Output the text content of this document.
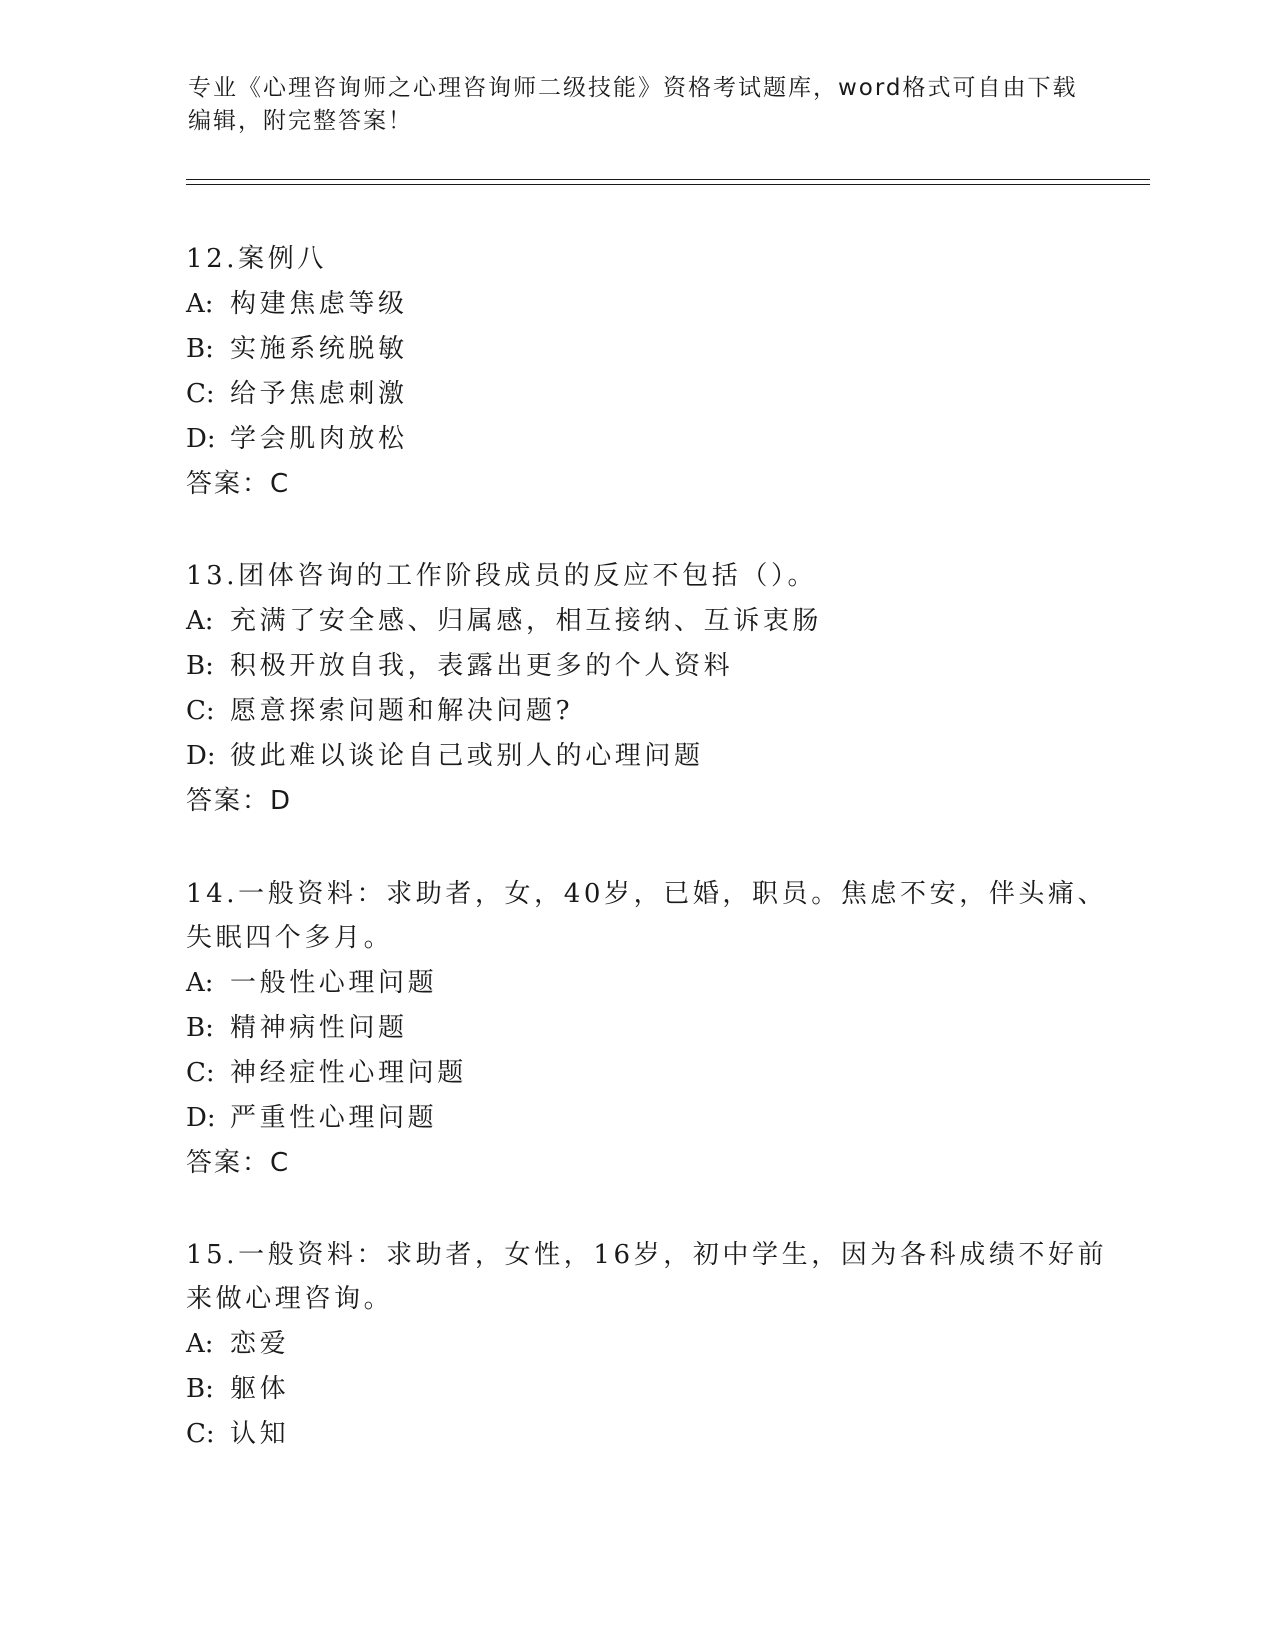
专业《心理咨询师之心理咨询师二级技能》资格考试题库，word格式可自由下载
编辑，附完整答案！
12.案例八
A: 构建焦虑等级
B: 实施系统脱敏
C: 给予焦虑刺激
D: 学会肌肉放松
答案：C
13.团体咨询的工作阶段成员的反应不包括（）。
A: 充满了安全感、归属感，相互接纳、互诉衷肠
B: 积极开放自我，表露出更多的个人资料
C: 愿意探索问题和解决问题?
D: 彼此难以谈论自己或别人的心理问题
答案：D
14.一般资料：求助者，女，40岁，已婚，职员。焦虑不安，伴头痛、
失眠四个多月。
A: 一般性心理问题
B: 精神病性问题
C: 神经症性心理问题
D: 严重性心理问题
答案：C
15.一般资料：求助者，女性，16岁，初中学生，因为各科成绩不好前
来做心理咨询。
A: 恋爱
B: 躯体
C: 认知
